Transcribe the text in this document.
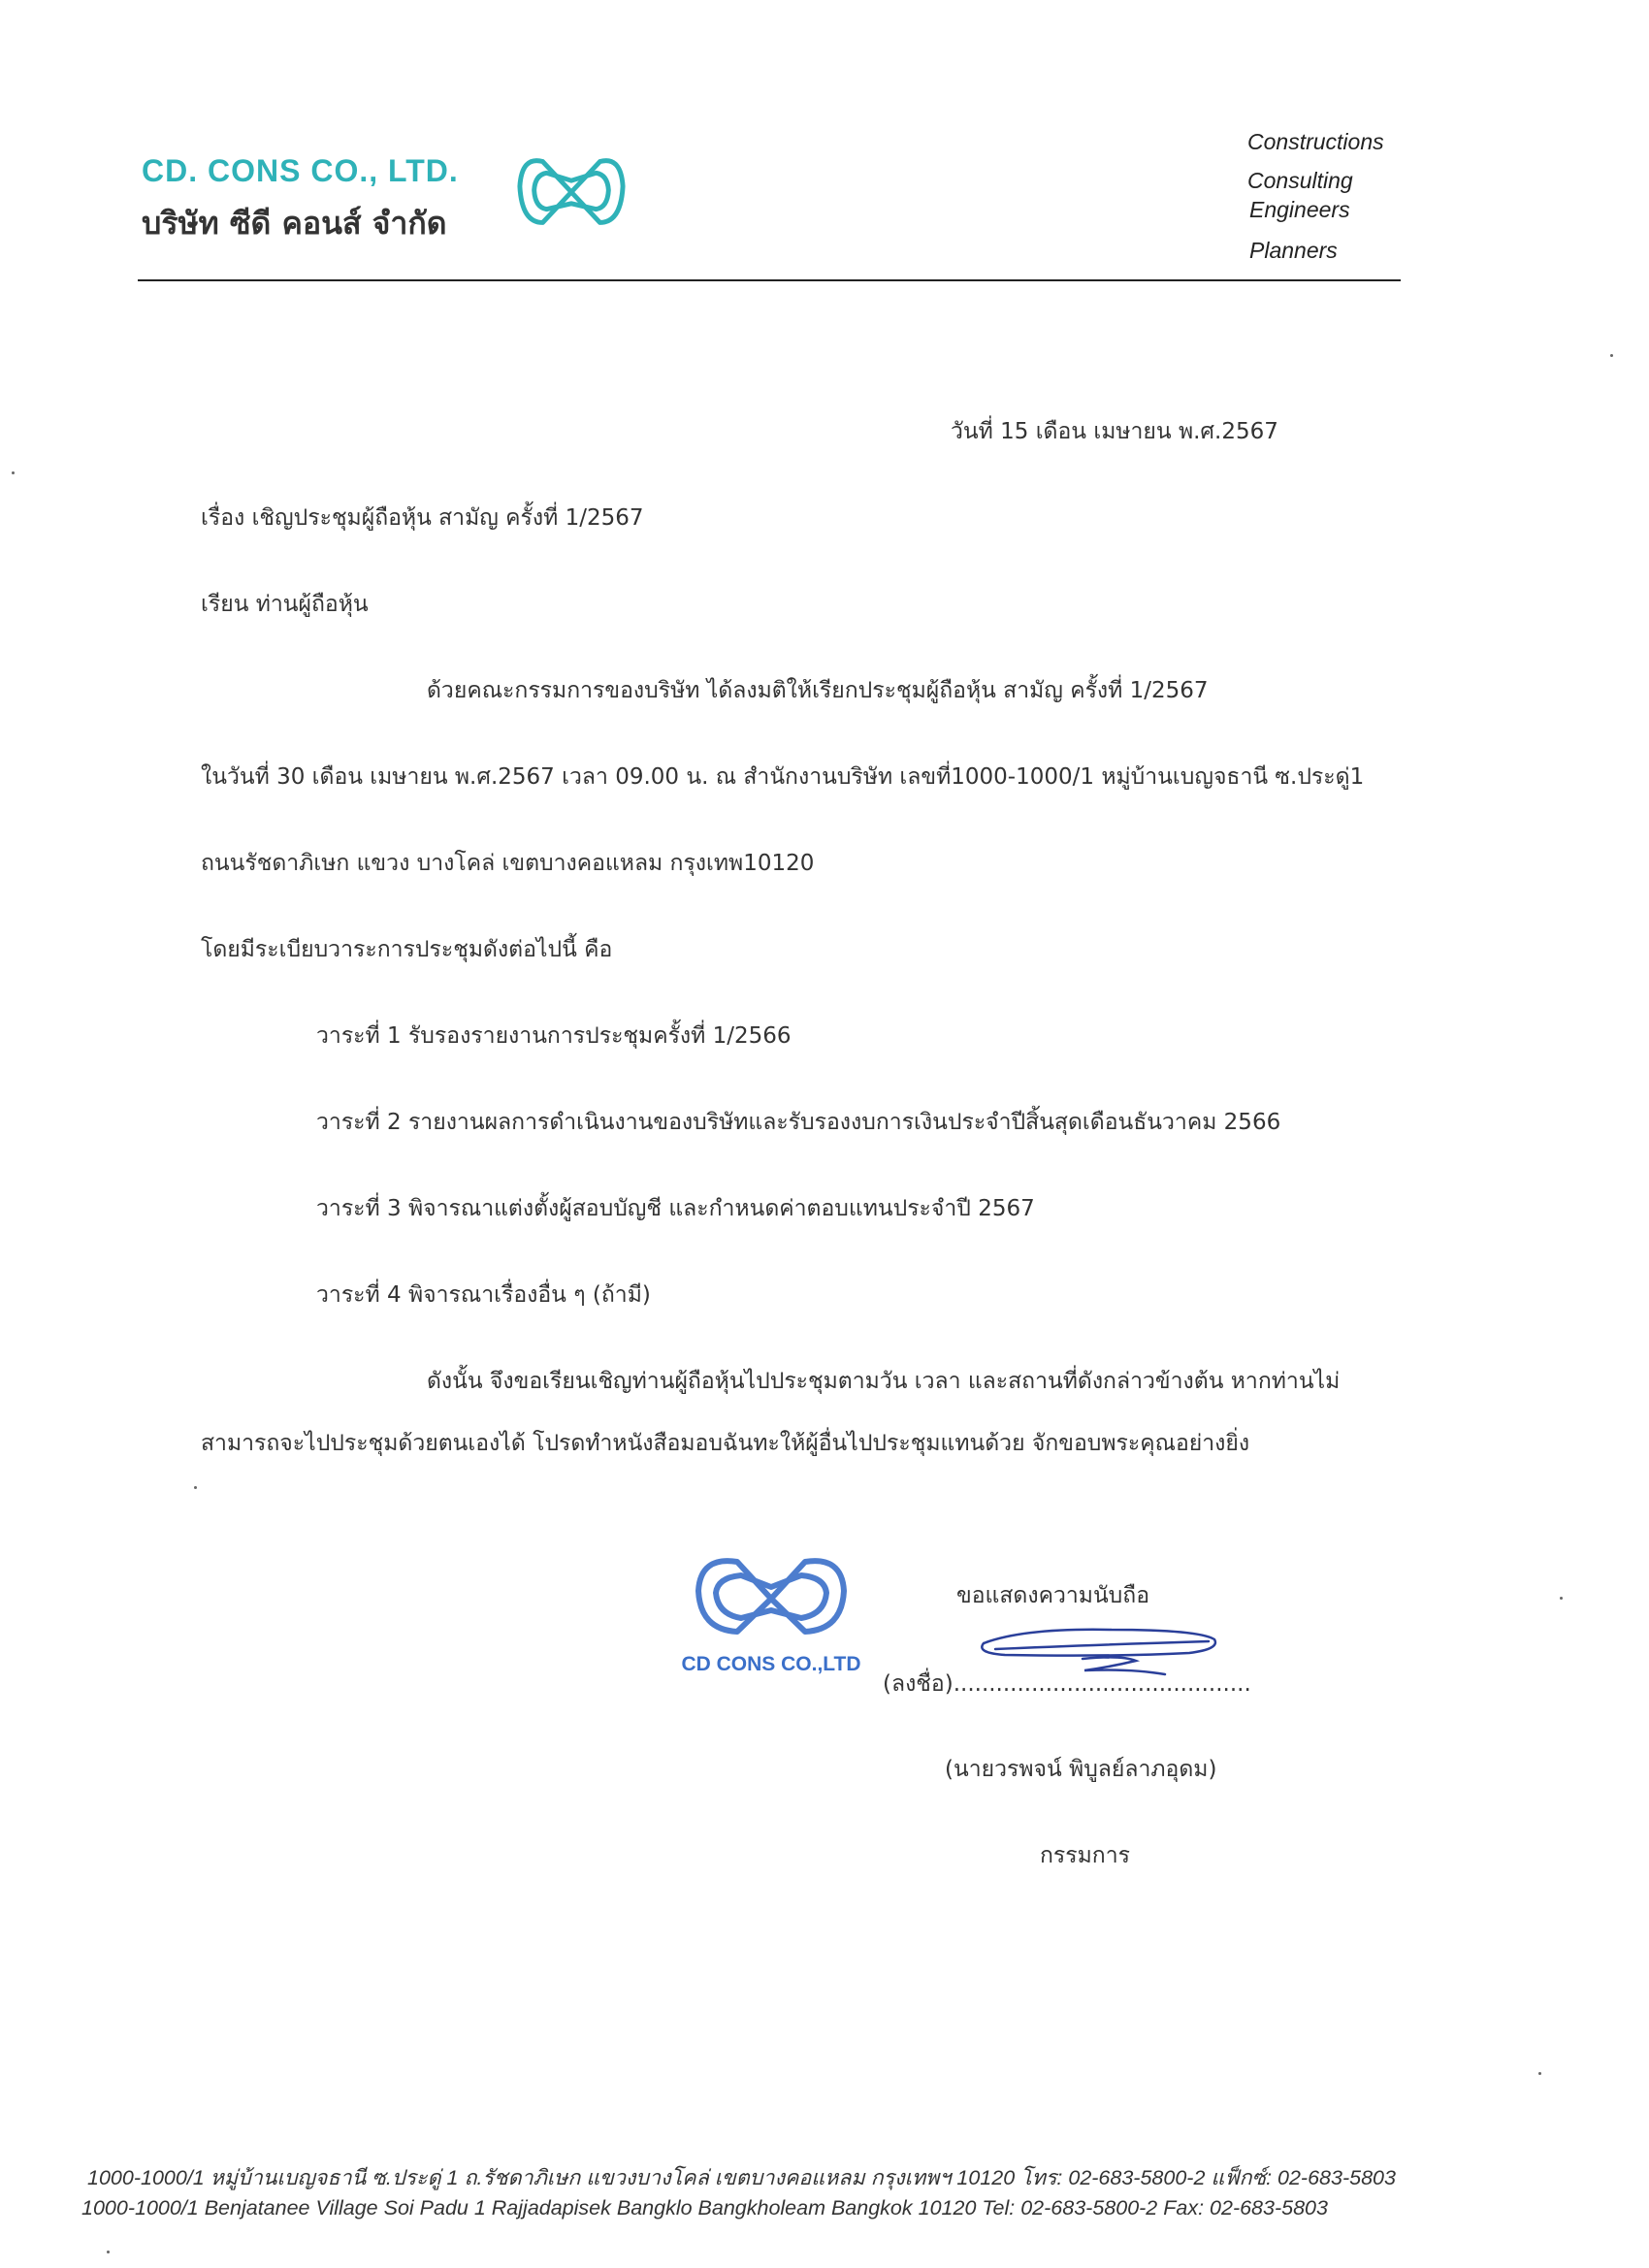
CD. CONS CO., LTD.
บริษัท ซีดี คอนส์ จำกัด
Constructions
Consulting
Engineers
Planners
วันที่ 15 เดือน เมษายน พ.ศ.2567
เรื่อง เชิญประชุมผู้ถือหุ้น สามัญ ครั้งที่ 1/2567
เรียน ท่านผู้ถือหุ้น
ด้วยคณะกรรมการของบริษัท ได้ลงมติให้เรียกประชุมผู้ถือหุ้น สามัญ ครั้งที่ 1/2567
ในวันที่ 30 เดือน เมษายน พ.ศ.2567 เวลา 09.00 น. ณ สำนักงานบริษัท เลขที่1000-1000/1 หมู่บ้านเบญจธานี ซ.ประดู่1
ถนนรัชดาภิเษก แขวง บางโคล่ เขตบางคอแหลม กรุงเทพ10120
โดยมีระเบียบวาระการประชุมดังต่อไปนี้ คือ
วาระที่ 1 รับรองรายงานการประชุมครั้งที่ 1/2566
วาระที่ 2 รายงานผลการดำเนินงานของบริษัทและรับรองงบการเงินประจำปีสิ้นสุดเดือนธันวาคม 2566
วาระที่ 3 พิจารณาแต่งตั้งผู้สอบบัญชี และกำหนดค่าตอบแทนประจำปี 2567
วาระที่ 4 พิจารณาเรื่องอื่น ๆ (ถ้ามี)
ดังนั้น จึงขอเรียนเชิญท่านผู้ถือหุ้นไปประชุมตามวัน เวลา และสถานที่ดังกล่าวข้างต้น หากท่านไม่
สามารถจะไปประชุมด้วยตนเองได้ โปรดทำหนังสือมอบฉันทะให้ผู้อื่นไปประชุมแทนด้วย จักขอบพระคุณอย่างยิ่ง
CD CONS CO.,LTD
ขอแสดงความนับถือ
(ลงชื่อ)..........................................
(นายวรพจน์ พิบูลย์ลาภอุดม)
กรรมการ
1000-1000/1 หมู่บ้านเบญจธานี ซ.ประดู่ 1 ถ.รัชดาภิเษก แขวงบางโคล่ เขตบางคอแหลม กรุงเทพฯ 10120 โทร: 02-683-5800-2 แฟ็กซ์: 02-683-5803
1000-1000/1 Benjatanee Village Soi Padu 1 Rajjadapisek Bangklo Bangkholeam Bangkok 10120 Tel: 02-683-5800-2 Fax: 02-683-5803
